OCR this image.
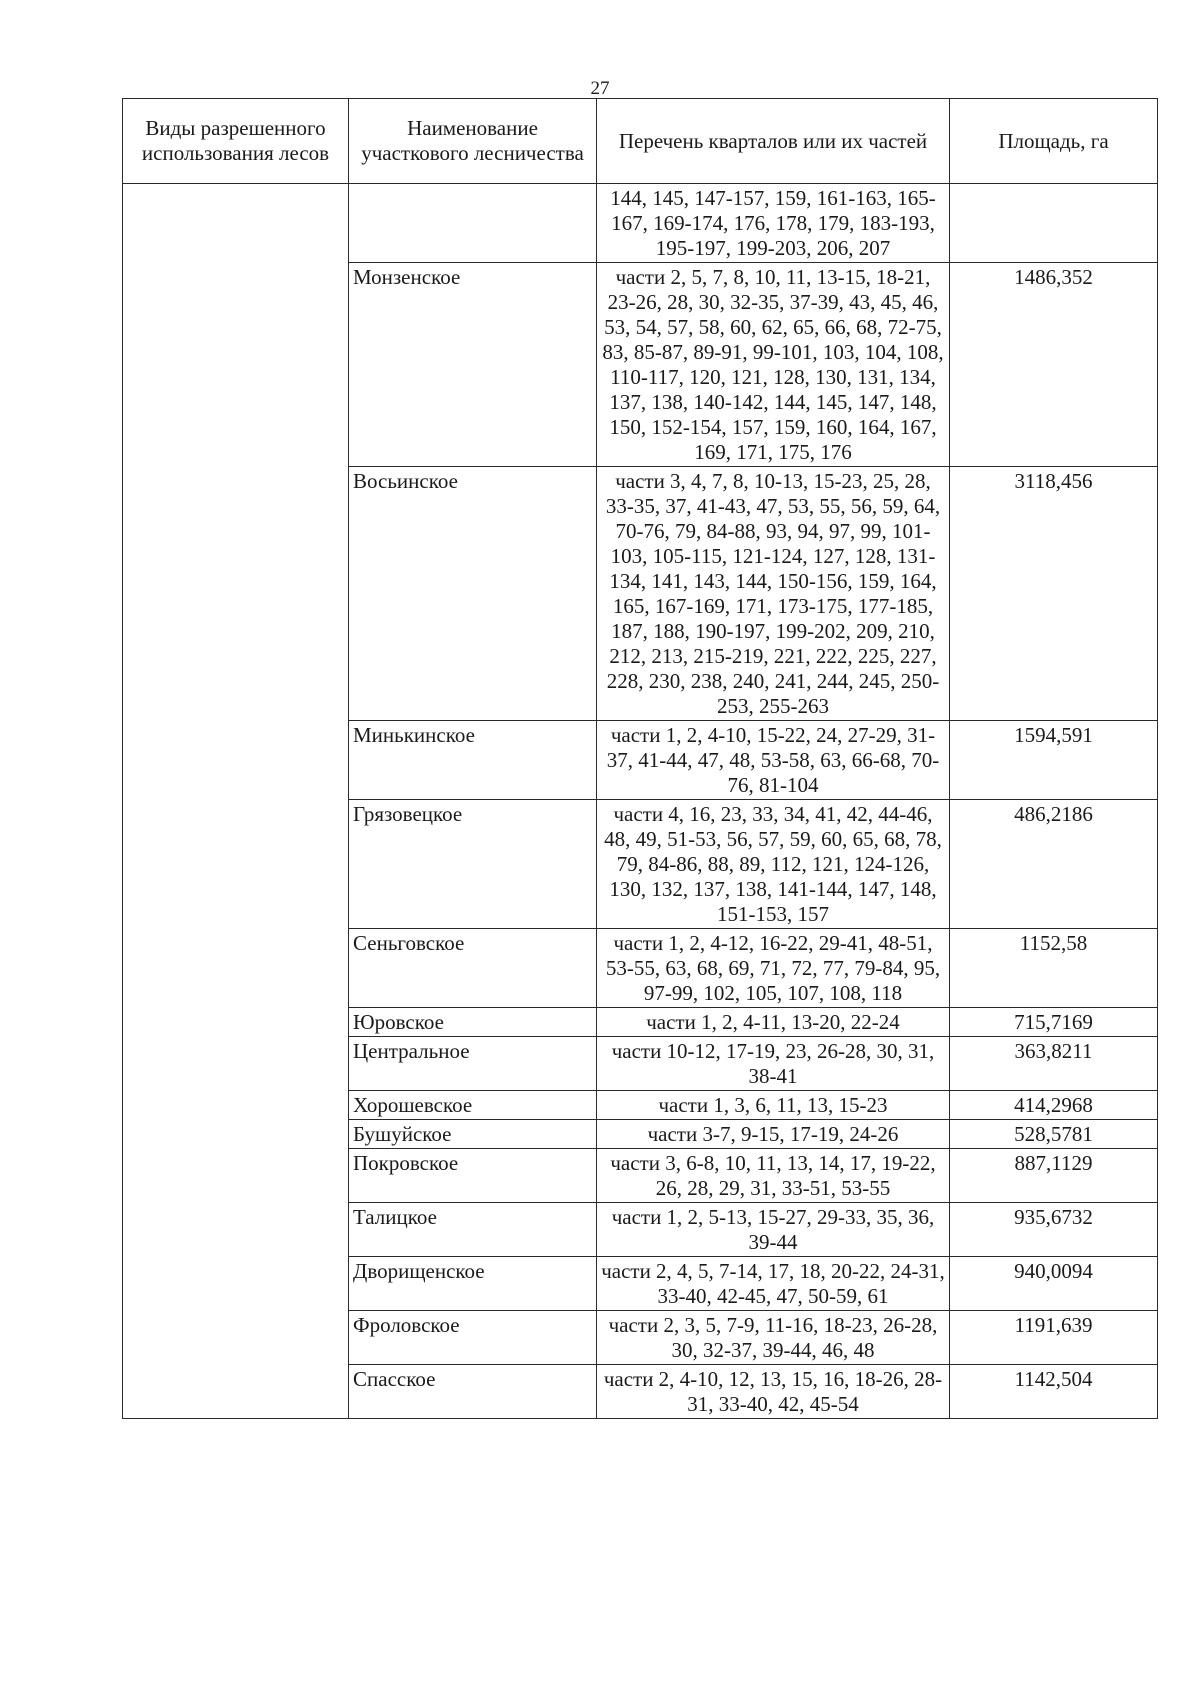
27
Виды разрешенного использования лесов	Наименование участкового лесничества	Перечень кварталов или их частей	Площадь, га
		144, 145, 147-157, 159, 161-163, 165-167, 169-174, 176, 178, 179, 183-193, 195-197, 199-203, 206, 207	
	Монзенское	части 2, 5, 7, 8, 10, 11, 13-15, 18-21, 23-26, 28, 30, 32-35, 37-39, 43, 45, 46, 53, 54, 57, 58, 60, 62, 65, 66, 68, 72-75, 83, 85-87, 89-91, 99-101, 103, 104, 108, 110-117, 120, 121, 128, 130, 131, 134, 137, 138, 140-142, 144, 145, 147, 148, 150, 152-154, 157, 159, 160, 164, 167, 169, 171, 175, 176	1486,352
	Восьинское	части 3, 4, 7, 8, 10-13, 15-23, 25, 28, 33-35, 37, 41-43, 47, 53, 55, 56, 59, 64, 70-76, 79, 84-88, 93, 94, 97, 99, 101-103, 105-115, 121-124, 127, 128, 131-134, 141, 143, 144, 150-156, 159, 164, 165, 167-169, 171, 173-175, 177-185, 187, 188, 190-197, 199-202, 209, 210, 212, 213, 215-219, 221, 222, 225, 227, 228, 230, 238, 240, 241, 244, 245, 250-253, 255-263	3118,456
	Минькинское	части 1, 2, 4-10, 15-22, 24, 27-29, 31-37, 41-44, 47, 48, 53-58, 63, 66-68, 70-76, 81-104	1594,591
	Грязовецкое	части 4, 16, 23, 33, 34, 41, 42, 44-46, 48, 49, 51-53, 56, 57, 59, 60, 65, 68, 78, 79, 84-86, 88, 89, 112, 121, 124-126, 130, 132, 137, 138, 141-144, 147, 148, 151-153, 157	486,2186
	Сеньговское	части 1, 2, 4-12, 16-22, 29-41, 48-51, 53-55, 63, 68, 69, 71, 72, 77, 79-84, 95, 97-99, 102, 105, 107, 108, 118	1152,58
	Юровское	части 1, 2, 4-11, 13-20, 22-24	715,7169
	Центральное	части 10-12, 17-19, 23, 26-28, 30, 31, 38-41	363,8211
	Хорошевское	части 1, 3, 6, 11, 13, 15-23	414,2968
	Бушуйское	части 3-7, 9-15, 17-19, 24-26	528,5781
	Покровское	части 3, 6-8, 10, 11, 13, 14, 17, 19-22, 26, 28, 29, 31, 33-51, 53-55	887,1129
	Талицкое	части 1, 2, 5-13, 15-27, 29-33, 35, 36, 39-44	935,6732
	Дворищенское	части 2, 4, 5, 7-14, 17, 18, 20-22, 24-31, 33-40, 42-45, 47, 50-59, 61	940,0094
	Фроловское	части 2, 3, 5, 7-9, 11-16, 18-23, 26-28, 30, 32-37, 39-44, 46, 48	1191,639
	Спасское	части 2, 4-10, 12, 13, 15, 16, 18-26, 28-31, 33-40, 42, 45-54	1142,504
